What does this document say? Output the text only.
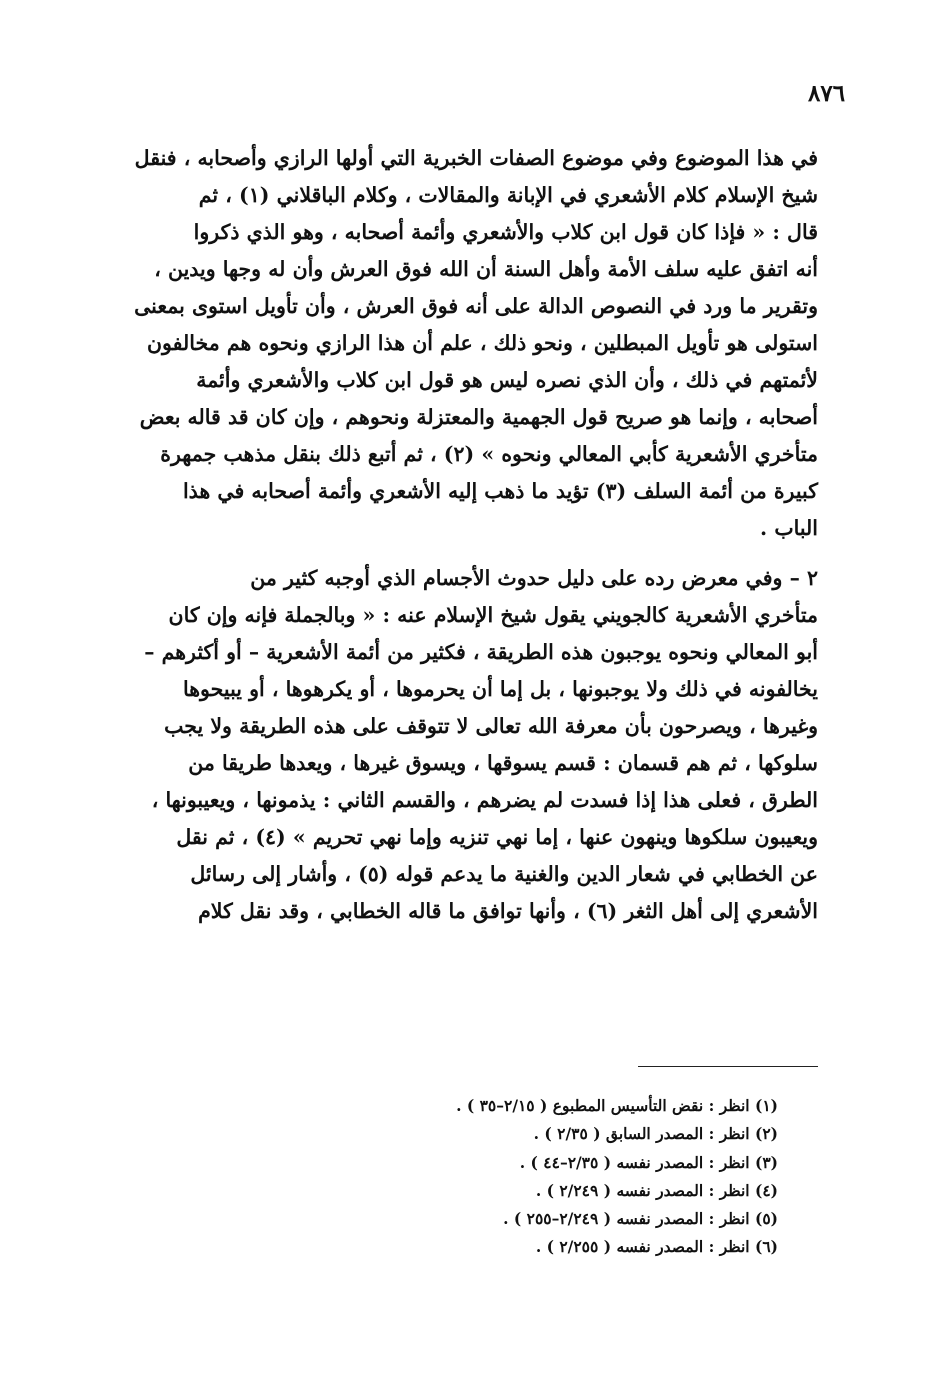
٨٧٦

في هذا الموضوع وفي موضوع الصفات الخبرية التي أولها الرازي وأصحابه ، فنقل
شيخ الإسلام كلام الأشعري في الإبانة والمقالات ، وكلام الباقلاني (١) ، ثم
قال : « فإذا كان قول ابن كلاب والأشعري وأئمة أصحابه ، وهو الذي ذكروا
أنه اتفق عليه سلف الأمة وأهل السنة أن الله فوق العرش وأن له وجها ويدين ،
وتقرير ما ورد في النصوص الدالة على أنه فوق العرش ، وأن تأويل استوى بمعنى
استولى هو تأويل المبطلين ، ونحو ذلك ، علم أن هذا الرازي ونحوه هم مخالفون
لأئمتهم في ذلك ، وأن الذي نصره ليس هو قول ابن كلاب والأشعري وأئمة
أصحابه ، وإنما هو صريح قول الجهمية والمعتزلة ونحوهم ، وإن كان قد قاله بعض
متأخري الأشعرية كأبي المعالي ونحوه » (٢) ، ثم أتبع ذلك بنقل مذهب جمهرة
كبيرة من أئمة السلف (٣) تؤيد ما ذهب إليه الأشعري وأئمة أصحابه في هذا
الباب .

٢ – وفي معرض رده على دليل حدوث الأجسام الذي أوجبه كثير من
متأخري الأشعرية كالجويني يقول شيخ الإسلام عنه : « وبالجملة فإنه وإن كان
أبو المعالي ونحوه يوجبون هذه الطريقة ، فكثير من أئمة الأشعرية – أو أكثرهم –
يخالفونه في ذلك ولا يوجبونها ، بل إما أن يحرموها ، أو يكرهوها ، أو يبيحوها
وغيرها ، ويصرحون بأن معرفة الله تعالى لا تتوقف على هذه الطريقة ولا يجب
سلوكها ، ثم هم قسمان : قسم يسوقها ، ويسوق غيرها ، ويعدها طريقا من
الطرق ، فعلى هذا إذا فسدت لم يضرهم ، والقسم الثاني : يذمونها ، ويعيبونها ،
ويعيبون سلكوها وينهون عنها ، إما نهي تنزيه وإما نهي تحريم » (٤) ، ثم نقل
عن الخطابي في شعار الدين والغنية ما يدعم قوله (٥) ، وأشار إلى رسائل
الأشعري إلى أهل الثغر (٦) ، وأنها توافق ما قاله الخطابي ، وقد نقل كلام

(١) انظر : نقض التأسيس المطبوع ( ٢/١٥–٣٥ ) .
(٢) انظر : المصدر السابق ( ٢/٣٥ ) .
(٣) انظر : المصدر نفسه ( ٢/٣٥–٤٤ ) .
(٤) انظر : المصدر نفسه ( ٢/٢٤٩ ) .
(٥) انظر : المصدر نفسه ( ٢/٢٤٩–٢٥٥ ) .
(٦) انظر : المصدر نفسه ( ٢/٢٥٥ ) .
